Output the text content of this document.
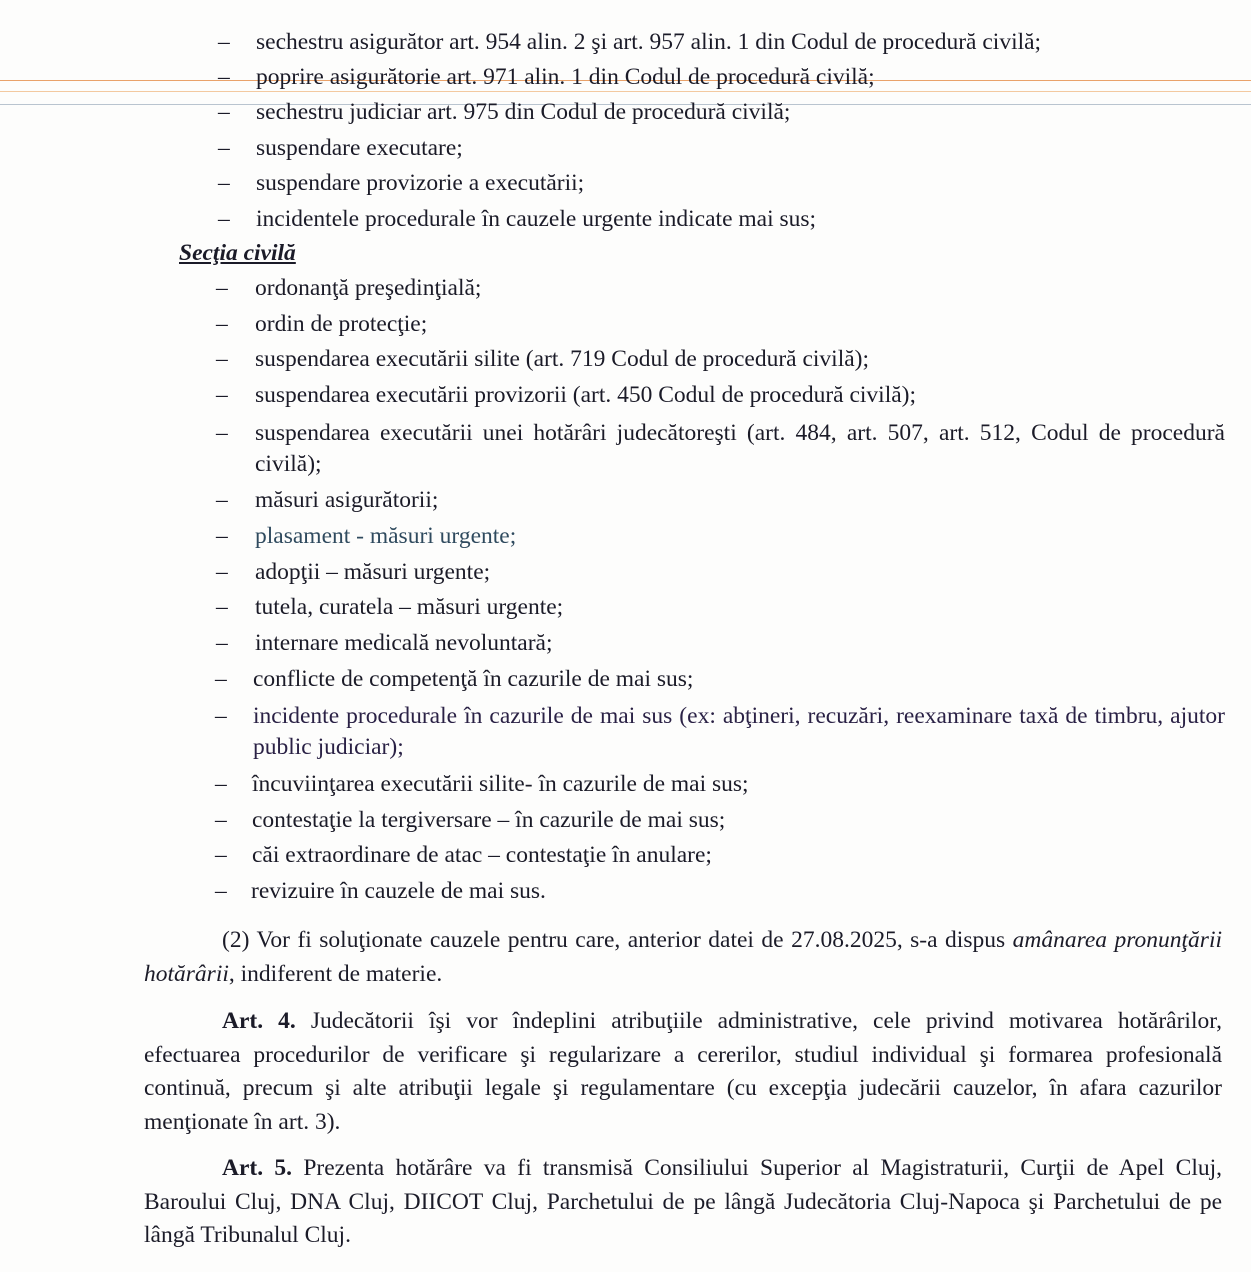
– sechestru asigurător art. 954 alin. 2 şi art. 957 alin. 1 din Codul de procedură civilă;
– poprire asigurătorie art. 971 alin. 1 din Codul de procedură civilă;
– sechestru judiciar art. 975 din Codul de procedură civilă;
– suspendare executare;
– suspendare provizorie a executării;
– incidentele procedurale în cauzele urgente indicate mai sus;
Secţia civilă
– ordonanţă preşedinţială;
– ordin de protecţie;
– suspendarea executării silite (art. 719 Codul de procedură civilă);
– suspendarea executării provizorii (art. 450 Codul de procedură civilă);
– suspendarea executării unei hotărâri judecătoreşti (art. 484, art. 507, art. 512, Codul de procedură civilă);
– măsuri asigurătorii;
– plasament - măsuri urgente;
– adopţii – măsuri urgente;
– tutela, curatela – măsuri urgente;
– internare medicală nevoluntară;
– conflicte de competenţă în cazurile de mai sus;
– incidente procedurale în cazurile de mai sus (ex: abţineri, recuzări, reexaminare taxă de timbru, ajutor public judiciar);
– încuviinţarea executării silite- în cazurile de mai sus;
– contestaţie la tergiversare – în cazurile de mai sus;
– căi extraordinare de atac – contestaţie în anulare;
– revizuire în cauzele de mai sus.

(2) Vor fi soluţionate cauzele pentru care, anterior datei de 27.08.2025, s-a dispus amânarea pronunţării hotărârii, indiferent de materie.

Art. 4. Judecătorii îşi vor îndeplini atribuţiile administrative, cele privind motivarea hotărârilor, efectuarea procedurilor de verificare şi regularizare a cererilor, studiul individual şi formarea profesională continuă, precum şi alte atribuţii legale şi regulamentare (cu excepţia judecării cauzelor, în afara cazurilor menţionate în art. 3).

Art. 5. Prezenta hotărâre va fi transmisă Consiliului Superior al Magistraturii, Curţii de Apel Cluj, Baroului Cluj, DNA Cluj, DIICOT Cluj, Parchetului de pe lângă Judecătoria Cluj-Napoca şi Parchetului de pe lângă Tribunalul Cluj.
